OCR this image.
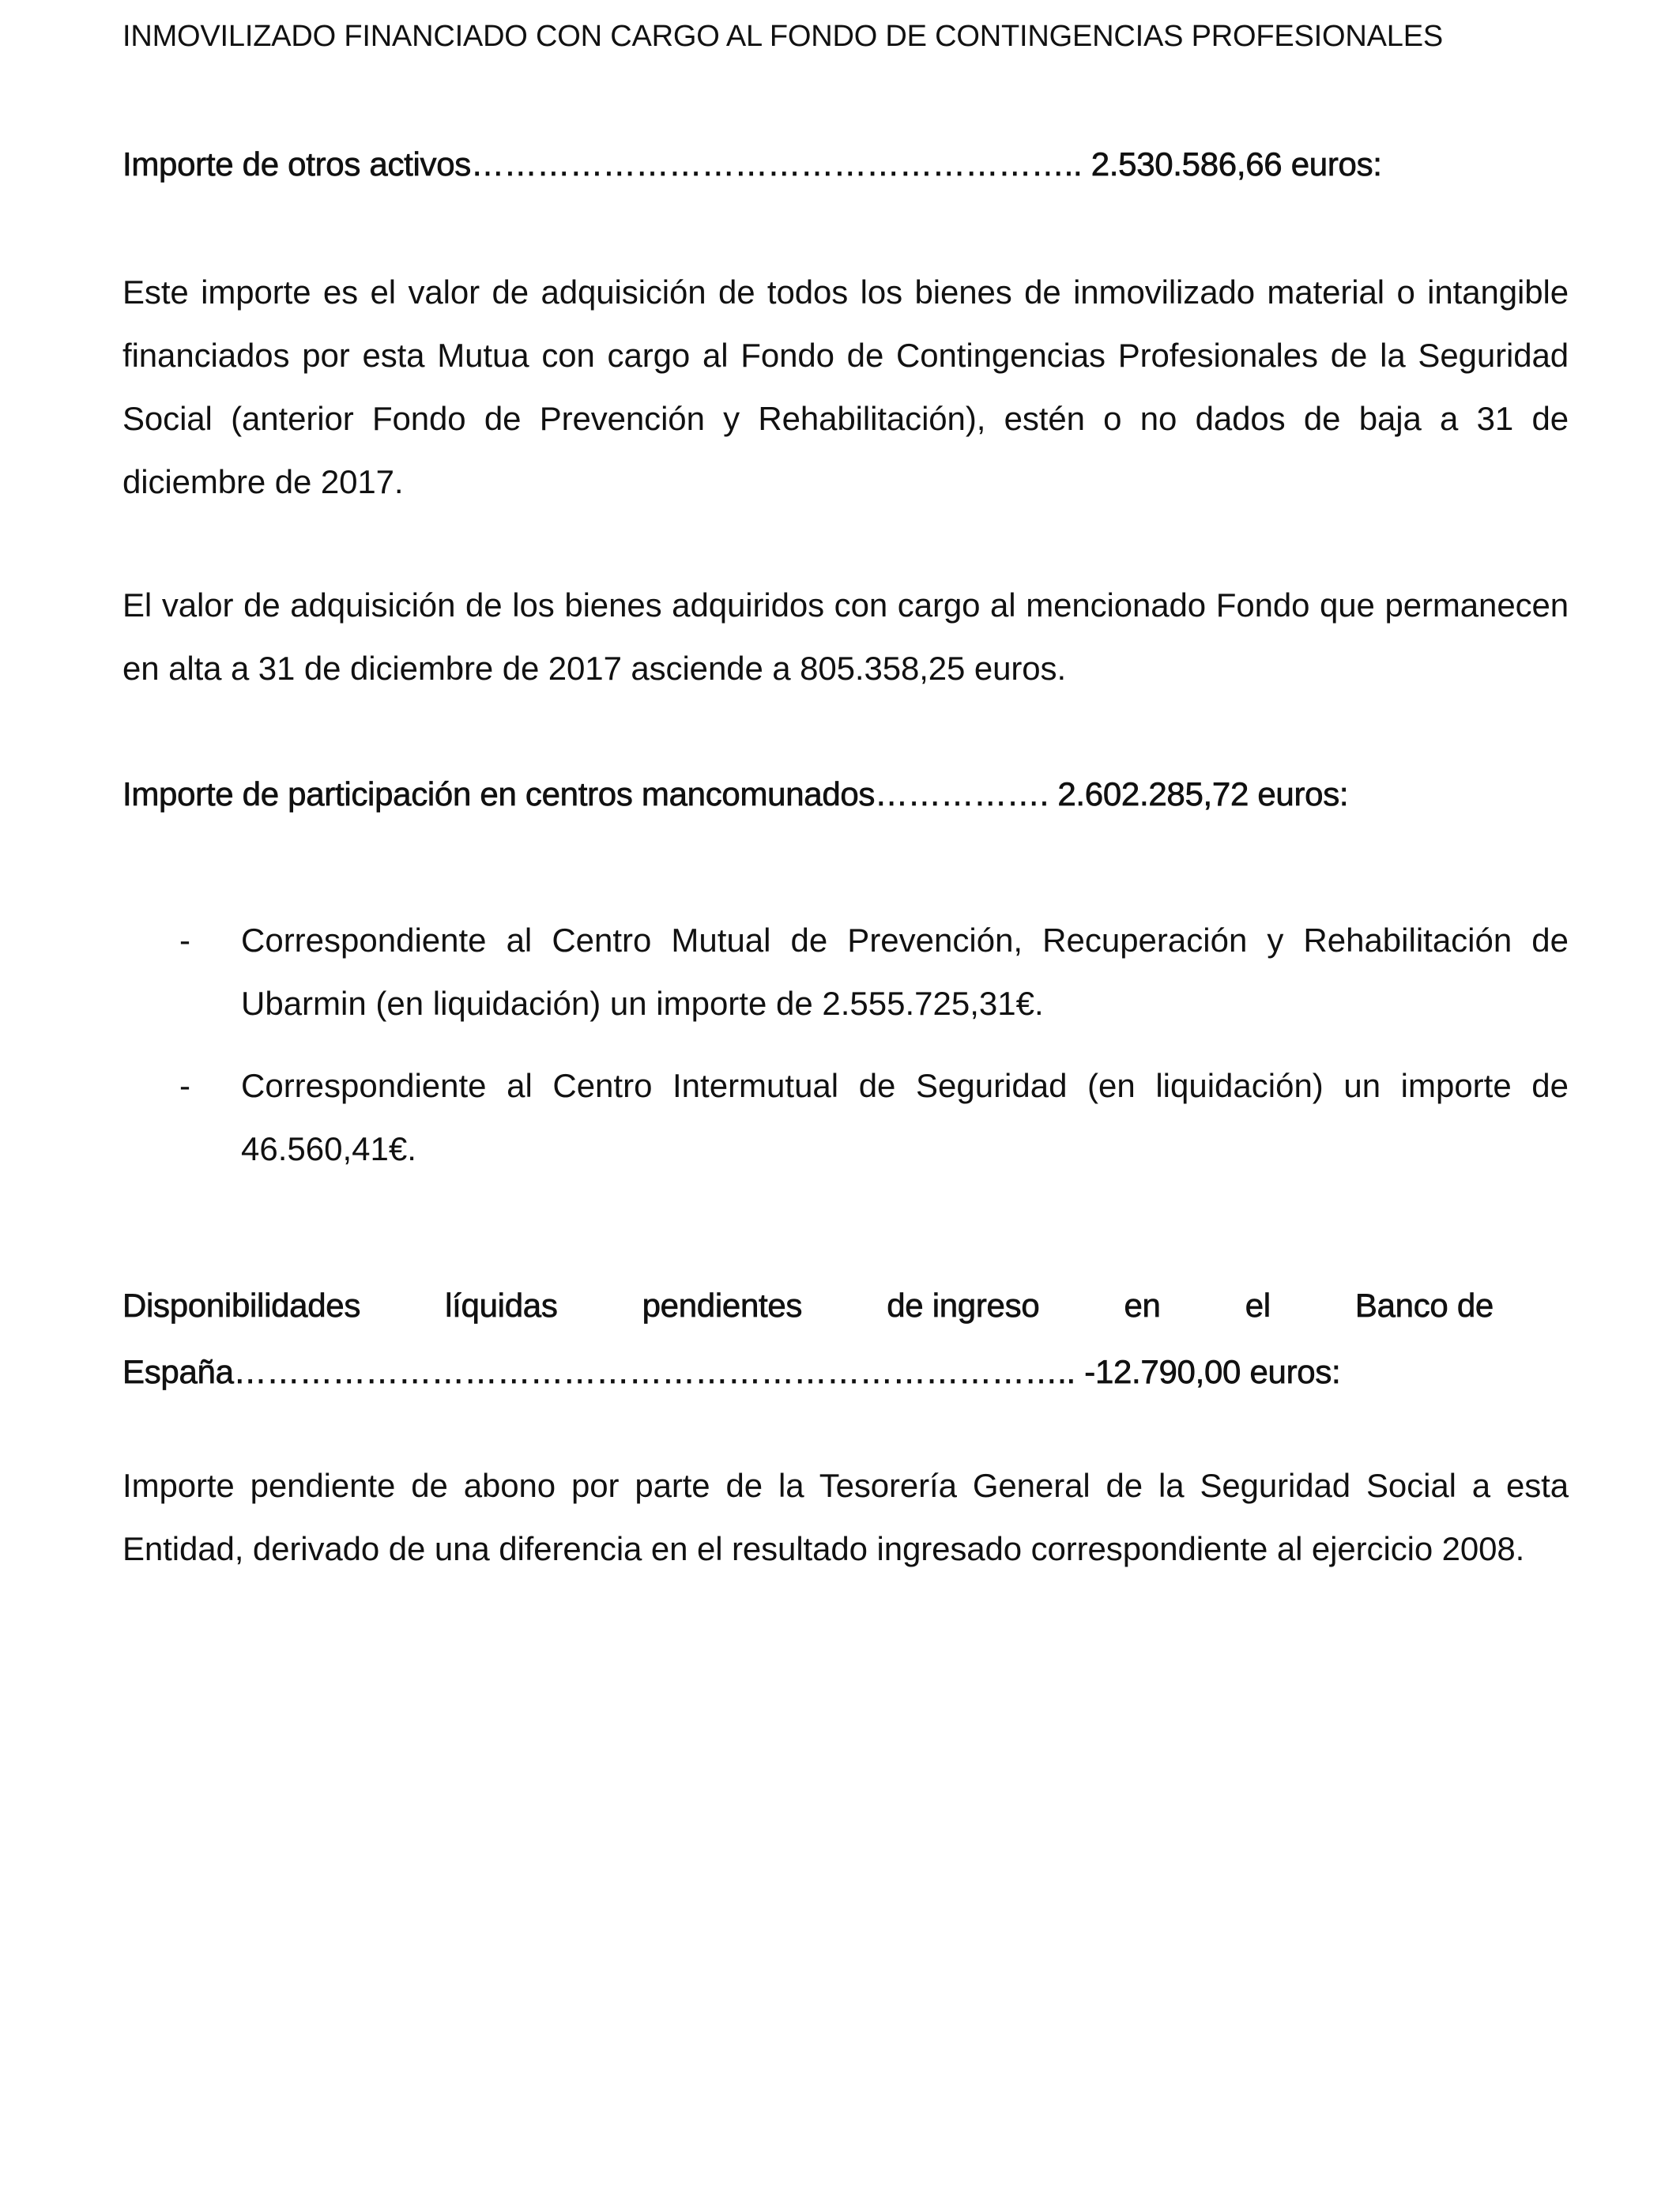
INMOVILIZADO FINANCIADO CON CARGO AL FONDO DE CONTINGENCIAS PROFESIONALES
Importe de otros activos……………………………………………….. 2.530.586,66 euros:
Este importe es el valor de adquisición de todos los bienes de inmovilizado material o intangible financiados por esta Mutua con cargo al Fondo de Contingencias Profesionales de la Seguridad Social (anterior Fondo de Prevención y Rehabilitación), estén o no dados de baja a 31 de diciembre de 2017.
El valor de adquisición de los bienes adquiridos con cargo al mencionado Fondo que permanecen en alta a 31 de diciembre de 2017 asciende a 805.358,25 euros.
Importe de participación en centros mancomunados……………. 2.602.285,72 euros:
- Correspondiente al Centro Mutual de Prevención, Recuperación y Rehabilitación de Ubarmin (en liquidación) un importe de 2.555.725,31€.
- Correspondiente al Centro Intermutual de Seguridad (en liquidación) un importe de 46.560,41€.
Disponibilidades	líquidas	pendientes	de ingreso	en	el	Banco de
España………………………………………………………………….. -12.790,00 euros:
Importe pendiente de abono por parte de la Tesorería General de la Seguridad Social a esta Entidad, derivado de una diferencia en el resultado ingresado correspondiente al ejercicio 2008.
